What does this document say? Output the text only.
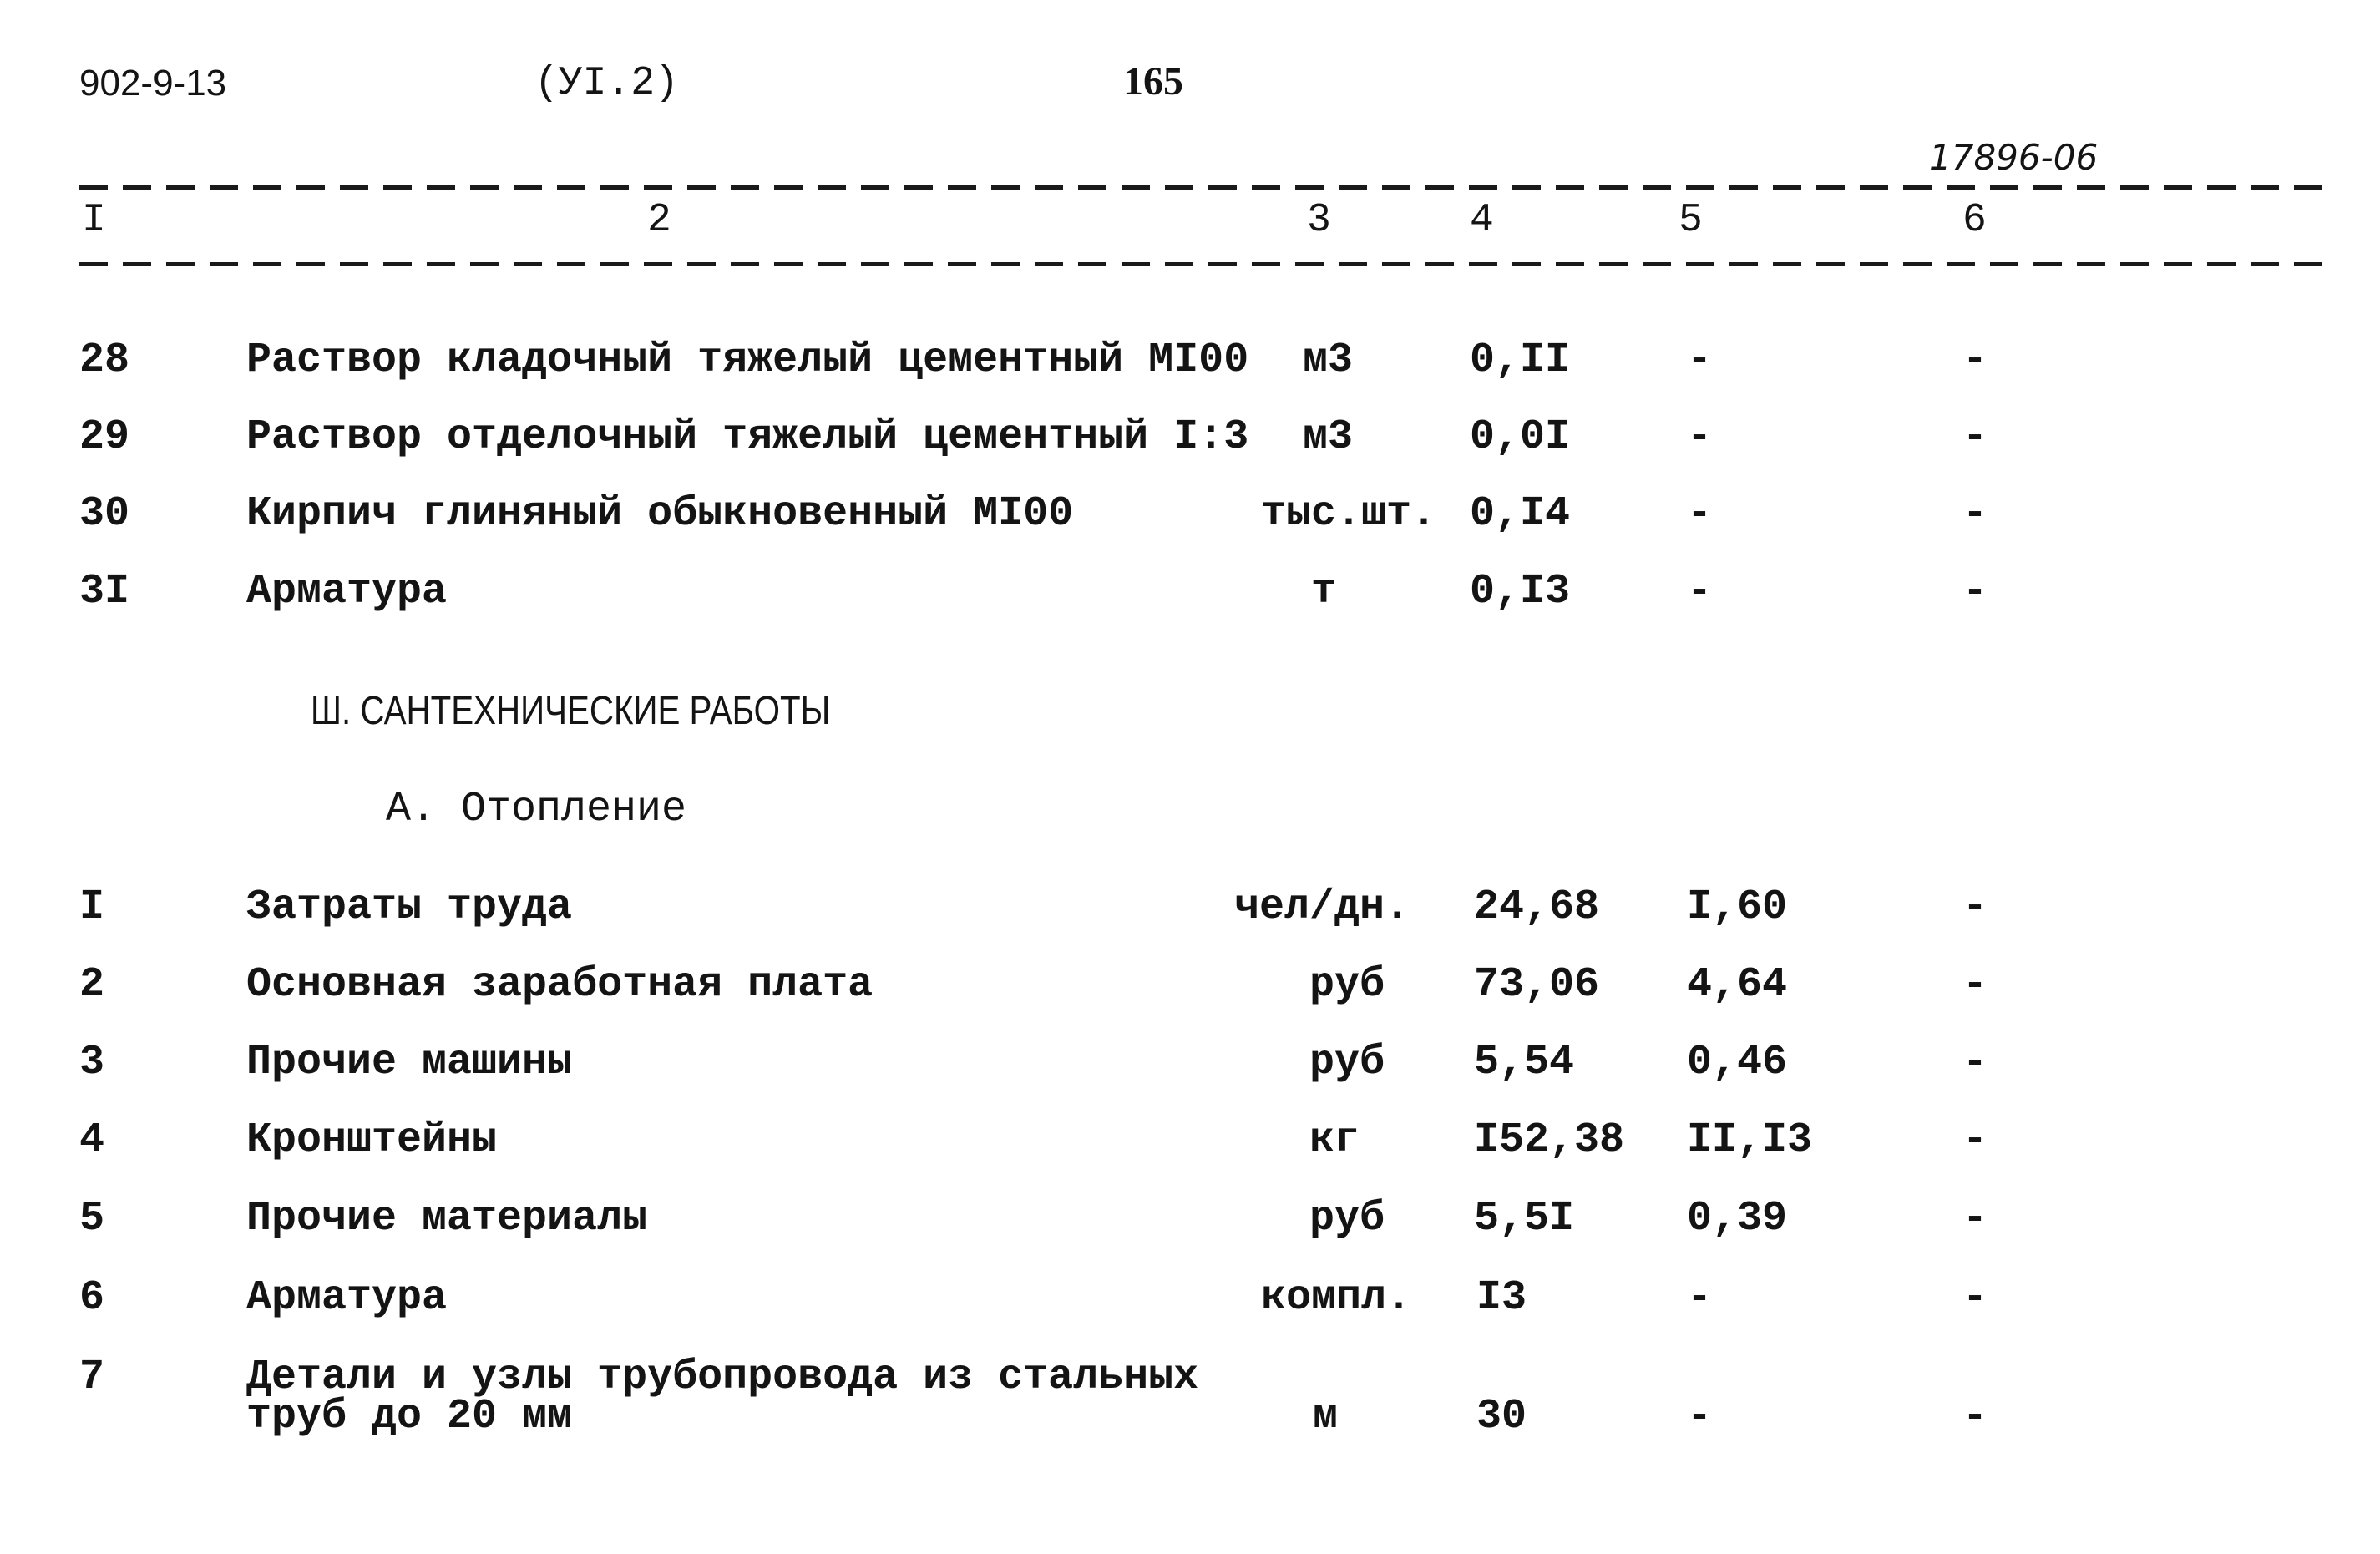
902-9-13	(УI.2)	165
17896-06
I	2	3	4	5	6
28	Раствор кладочный тяжелый цементный MI00 м3	0,II	-	-
29	Раствор отделочный тяжелый цементный I:3 м3	0,0I	-	-
30	Кирпич глиняный обыкновенный MI00	тыс.шт. 0,I4	-	-
3I	Арматура	т	0,I3	-	-
Ш. САНТЕХНИЧЕСКИЕ РАБОТЫ
А. Отопление
I	Затраты труда	чел/дн. 24,68 I,60	-
2	Основная заработная плата	руб 73,06 4,64	-
3	Прочие машины	руб 5,54	0,46	-
4	Кронштейны	кг	I52,38 II,I3	-
5	Прочие материалы	руб 5,5I	0,39	-
6	Арматура	компл. I3	-	-
7	Детали и узлы трубопровода из стальных
труб до 20 мм	м	30	-	-
